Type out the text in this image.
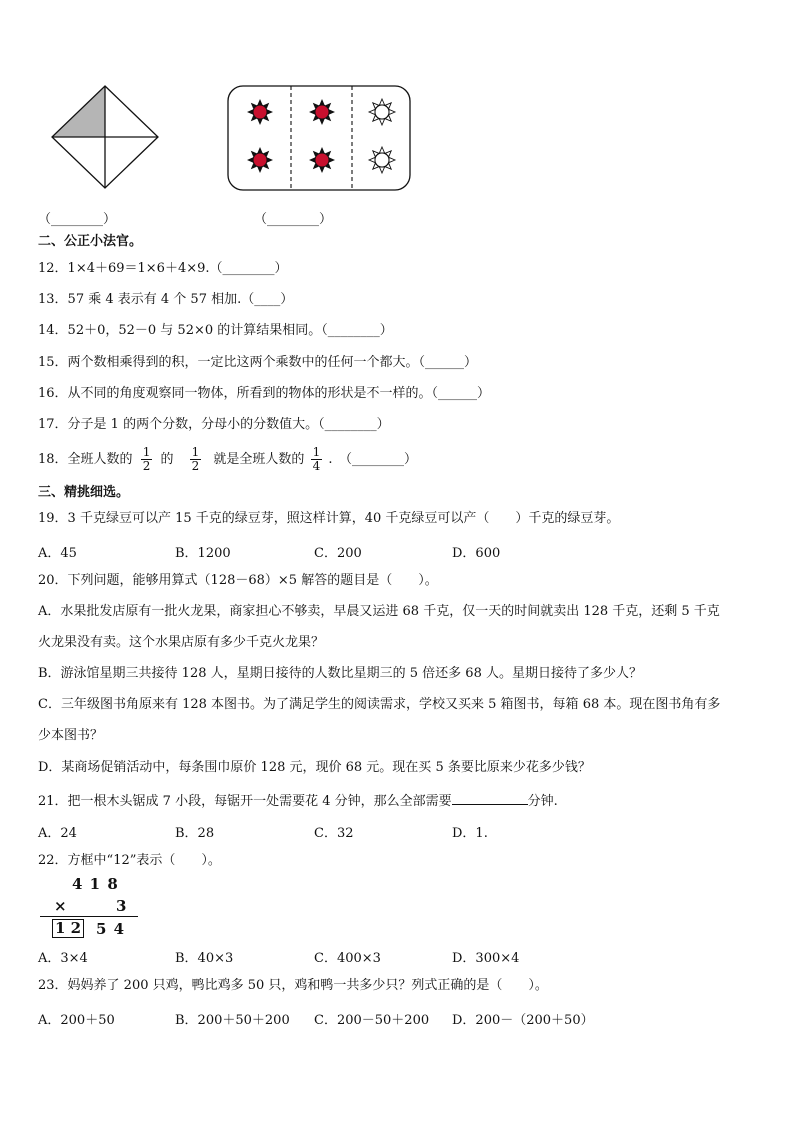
（________）	（________）
二、公正小法官。
12．1×4＋69＝1×6＋4×9.（________）
13．57 乘 4 表示有 4 个 57 相加.（____）
14．52＋0，52－0 与 52×0 的计算结果相同。（________）
15．两个数相乘得到的积，一定比这两个乘数中的任何一个都大。（______）
16．从不同的角度观察同一物体，所看到的物体的形状是不一样的。（______）
17．分子是 1 的两个分数，分母小的分数值大。（________）
18．全班人数的 $\frac{1}{2}$ 的 $\frac{1}{2}$ 就是全班人数的 $\frac{1}{4}$ .　（________）
三、精挑细选。
19．3 千克绿豆可以产 15 千克的绿豆芽，照这样计算，40 千克绿豆可以产（　　）千克的绿豆芽。
A．45	B．1200	C．200	D．600
20．下列问题，能够用算式（128－68）×5 解答的题目是（　　）。
A．水果批发店原有一批火龙果，商家担心不够卖，早晨又运进 68 千克，仅一天的时间就卖出 128 千克，还剩 5 千克
火龙果没有卖。这个水果店原有多少千克火龙果？
B．游泳馆星期三共接待 128 人，星期日接待的人数比星期三的 5 倍还多 68 人。星期日接待了多少人？
C．三年级图书角原来有 128 本图书。为了满足学生的阅读需求，学校又买来 5 箱图书，每箱 68 本。现在图书角有多
少本图书？
D．某商场促销活动中，每条围巾原价 128 元，现价 68 元。现在买 5 条要比原来少花多少钱？
21．把一根木头锯成 7 小段，每锯开一处需要花 4 分钟，那么全部需要	分钟.
A．24	B．28	C．32	D．1.
22．方框中“12”表示（　　）。
4 1 8
×	3
1 2 5 4
A．3×4	B．40×3	C．400×3	D．300×4
23．妈妈养了 200 只鸡，鸭比鸡多 50 只，鸡和鸭一共多少只？列式正确的是（　　）。
A．200＋50	B．200＋50＋200 C．200－50＋200 D．200－（200＋50）
